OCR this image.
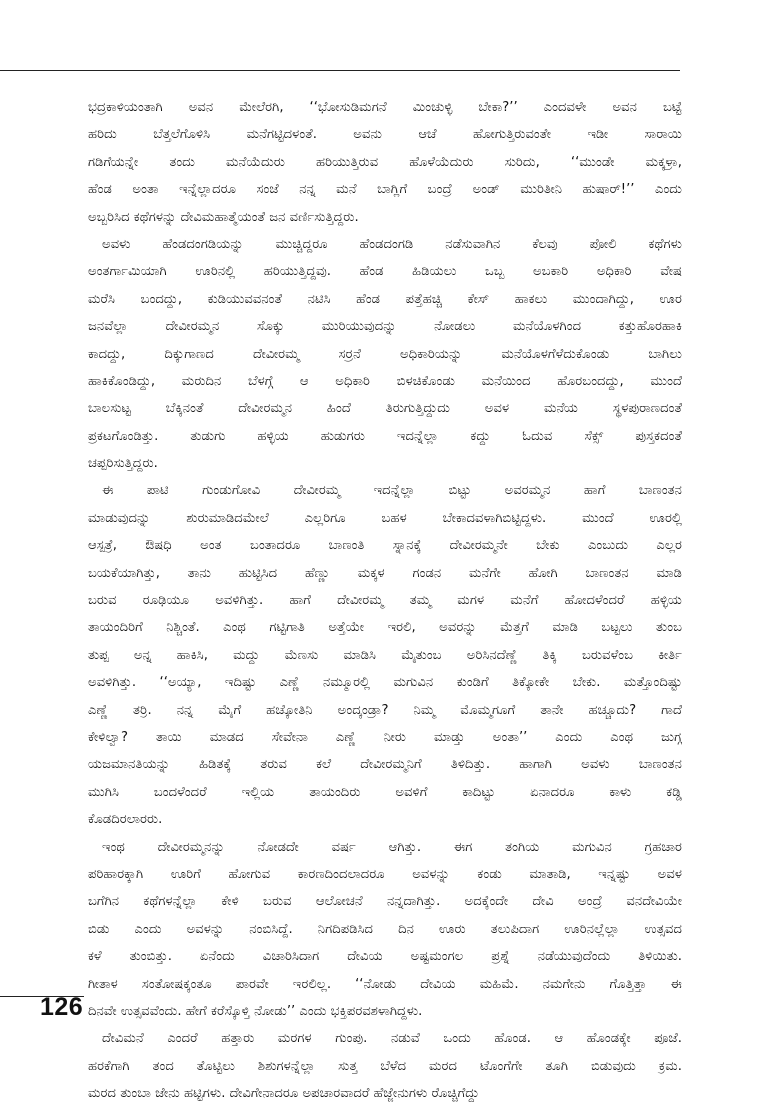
ಭದ್ರಕಾಳಿಯಂತಾಗಿ ಅವನ ಮೇಲೆರಗಿ, ‘‘ಭೋಸುಡಿಮಗನೆ ಮಿಂಚುಳ್ಳಿ ಬೇಕಾ?’’ ಎಂದವಳೇ ಅವನ ಬಟ್ಟೆ
ಹರಿದು ಬೆತ್ತಲೆಗೊಳಿಸಿ ಮನೆಗಟ್ಟಿದಳಂತೆ. ಅವನು ಆಚೆ ಹೋಗುತ್ತಿರುವಂತೇ ಇಡೀ ಸಾರಾಯಿ
ಗಡಿಗೆಯನ್ನೇ ತಂದು ಮನೆಯೆದುರು ಹರಿಯುತ್ತಿರುವ ಹೊಳೆಯೆದುರು ಸುರಿದು, ‘‘ಮುಂಡೇ ಮಕ್ಕಳ್ರಾ,
ಹೆಂಡ ಅಂತಾ ಇನ್ನೆಲ್ಲಾದರೂ ಸಂಜೆ ನನ್ನ ಮನೆ ಬಾಗ್ಲಿಗೆ ಬಂದ್ರೆ ಅಂಡ್ ಮುರಿತೀನಿ ಹುಷಾರ್!’’ ಎಂದು
ಅಬ್ಬರಿಸಿದ ಕಥೆಗಳನ್ನು ದೇವಿಮಹಾತ್ಮೆಯಂತೆ ಜನ ವರ್ಣಿಸುತ್ತಿದ್ದರು.
ಅವಳು ಹೆಂಡದಂಗಡಿಯನ್ನು ಮುಚ್ಚಿದ್ದರೂ ಹೆಂಡದಂಗಡಿ ನಡೆಸುವಾಗಿನ ಕೆಲವು ಪೋಲಿ ಕಥೆಗಳು
ಅಂತರ್ಗಾಮಿಯಾಗಿ ಊರಿನಲ್ಲಿ ಹರಿಯುತ್ತಿದ್ದವು. ಹೆಂಡ ಹಿಡಿಯಲು ಒಬ್ಬ ಅಬಕಾರಿ ಅಧಿಕಾರಿ ವೇಷ
ಮರೆಸಿ ಬಂದದ್ದು, ಕುಡಿಯುವವನಂತೆ ನಟಿಸಿ ಹೆಂಡ ಪತ್ತೆಹಚ್ಚಿ ಕೇಸ್ ಹಾಕಲು ಮುಂದಾಗಿದ್ದು, ಊರ
ಜನವೆಲ್ಲಾ ದೇವೀರಮ್ಮನ ಸೊಕ್ಕು ಮುರಿಯುವುದನ್ನು ನೋಡಲು ಮನೆಯೊಳಗಿಂದ ಕತ್ತುಹೊರಹಾಕಿ
ಕಾದದ್ದು, ದಿಕ್ಕುಗಾಣದ ದೇವೀರಮ್ಮ ಸರ್ರನೆ ಅಧಿಕಾರಿಯನ್ನು ಮನೆಯೊಳಗೆಳೆದುಕೊಂಡು ಬಾಗಿಲು
ಹಾಕಿಕೊಂಡಿದ್ದು, ಮರುದಿನ ಬೆಳಗ್ಗೆ ಆ ಅಧಿಕಾರಿ ಬಿಳಚಿಕೊಂಡು ಮನೆಯಿಂದ ಹೊರಬಂದದ್ದು, ಮುಂದೆ
ಬಾಲಸುಟ್ಟ ಬೆಕ್ಕಿನಂತೆ ದೇವೀರಮ್ಮನ ಹಿಂದೆ ತಿರುಗುತ್ತಿದ್ದುದು ಅವಳ ಮನೆಯ ಸ್ಥಳಪುರಾಣದಂತೆ
ಪ್ರಕಟಗೊಂಡಿತ್ತು. ತುಡುಗು ಹಳ್ಳಿಯ ಹುಡುಗರು ಇದನ್ನೆಲ್ಲಾ ಕದ್ದು ಓದುವ ಸೆಕ್ಸ್ ಪುಸ್ತಕದಂತೆ
ಚಪ್ಪರಿಸುತ್ತಿದ್ದರು.
ಈ ಪಾಟಿ ಗುಂಡುಗೋವಿ ದೇವೀರಮ್ಮ ಇದನ್ನೆಲ್ಲಾ ಬಿಟ್ಟು ಅವರಮ್ಮನ ಹಾಗೆ ಬಾಣಂತನ
ಮಾಡುವುದನ್ನು ಶುರುಮಾಡಿದಮೇಲೆ ಎಲ್ಲರಿಗೂ ಬಹಳ ಬೇಕಾದವಳಾಗಿಬಿಟ್ಟಿದ್ದಳು. ಮುಂದೆ ಊರಲ್ಲಿ
ಆಸ್ಪತ್ರೆ, ಔಷಧಿ ಅಂತ ಬಂತಾದರೂ ಬಾಣಂತಿ ಸ್ನಾನಕ್ಕೆ ದೇವೀರಮ್ಮನೇ ಬೇಕು ಎಂಬುದು ಎಲ್ಲರ
ಬಯಕೆಯಾಗಿತ್ತು, ತಾನು ಹುಟ್ಟಿಸಿದ ಹೆಣ್ಣು ಮಕ್ಕಳ ಗಂಡನ ಮನೆಗೇ ಹೋಗಿ ಬಾಣಂತನ ಮಾಡಿ
ಬರುವ ರೂಢಿಯೂ ಅವಳಿಗಿತ್ತು. ಹಾಗೆ ದೇವೀರಮ್ಮ ತಮ್ಮ ಮಗಳ ಮನೆಗೆ ಹೋದಳೆಂದರೆ ಹಳ್ಳಿಯ
ತಾಯಂದಿರಿಗೆ ನಿಶ್ಚಿಂತೆ. ಎಂಥ ಗಟ್ಟಿಗಾತಿ ಅತ್ತೆಯೇ ಇರಲಿ, ಅವರನ್ನು ಮೆತ್ತಗೆ ಮಾಡಿ ಬಟ್ಟಲು ತುಂಬ
ತುಪ್ಪ ಅನ್ನ ಹಾಕಿಸಿ, ಮದ್ದು ಮೆಣಸು ಮಾಡಿಸಿ ಮೈತುಂಬ ಅರಿಸಿನದೆಣ್ಣೆ ತಿಕ್ಕಿ ಬರುವಳೆಂಬ ಕೀರ್ತಿ
ಅವಳಿಗಿತ್ತು. ‘‘ಅಯ್ಯಾ, ಇದಿಷ್ಟು ಎಣ್ಣೆ ನಮ್ಮೂರಲ್ಲಿ ಮಗುವಿನ ಕುಂಡಿಗೆ ತಿಕ್ಕೋಕೇ ಬೇಕು. ಮತ್ತೊಂದಿಷ್ಟು
ಎಣ್ಣೆ ತರ್ರಿ. ನನ್ನ ಮೈಗೆ ಹಚ್ಕೋತಿನಿ ಅಂದ್ಕಂಡ್ರಾ? ನಿಮ್ಮ ಮೊಮ್ಮಗೂಗೆ ತಾನೇ ಹಚ್ಚೂದು? ಗಾದೆ
ಕೇಳಿಲ್ವಾ? ತಾಯಿ ಮಾಡದ ಸೇವೇನಾ ಎಣ್ಣೆ ನೀರು ಮಾಡ್ತು ಅಂತಾ’’ ಎಂದು ಎಂಥ ಜುಗ್ಗ
ಯಜಮಾನತಿಯನ್ನು ಹಿಡಿತಕ್ಕೆ ತರುವ ಕಲೆ ದೇವೀರಮ್ಮನಿಗೆ ತಿಳಿದಿತ್ತು. ಹಾಗಾಗಿ ಅವಳು ಬಾಣಂತನ
ಮುಗಿಸಿ ಬಂದಳೆಂದರೆ ಇಲ್ಲಿಯ ತಾಯಂದಿರು ಅವಳಿಗೆ ಕಾದಿಟ್ಟು ಏನಾದರೂ ಕಾಳು ಕಡ್ಡಿ
ಕೊಡದಿರಲಾರರು.
ಇಂಥ ದೇವೀರಮ್ಮನನ್ನು ನೋಡದೇ ವರ್ಷ ಆಗಿತ್ತು. ಈಗ ತಂಗಿಯ ಮಗುವಿನ ಗ್ರಹಚಾರ
ಪರಿಹಾರಕ್ಕಾಗಿ ಊರಿಗೆ ಹೋಗುವ ಕಾರಣದಿಂದಲಾದರೂ ಅವಳನ್ನು ಕಂಡು ಮಾತಾಡಿ, ಇನ್ನಷ್ಟು ಅವಳ
ಬಗೆಗಿನ ಕಥೆಗಳನ್ನೆಲ್ಲಾ ಕೇಳಿ ಬರುವ ಆಲೋಚನೆ ನನ್ನದಾಗಿತ್ತು. ಅದಕ್ಕೆಂದೇ ದೇವಿ ಅಂದ್ರೆ ವನದೇವಿಯೇ
ಬಿಡು ಎಂದು ಅವಳನ್ನು ನಂಬಿಸಿದ್ದೆ. ನಿಗದಿಪಡಿಸಿದ ದಿನ ಊರು ತಲುಪಿದಾಗ ಊರಿನಲ್ಲೆಲ್ಲಾ ಉತ್ಸವದ
ಕಳೆ ತುಂಬಿತ್ತು. ಏನೆಂದು ವಿಚಾರಿಸಿದಾಗ ದೇವಿಯ ಅಷ್ಟಮಂಗಲ ಪ್ರಶ್ನೆ ನಡೆಯುವುದೆಂದು ತಿಳಿಯಿತು.
ಗೀತಾಳ ಸಂತೋಷಕ್ಕಂತೂ ಪಾರವೇ ಇರಲಿಲ್ಲ. ‘‘ನೋಡು ದೇವಿಯ ಮಹಿಮೆ. ನಮಗೇನು ಗೊತ್ತಿತ್ತಾ ಈ
ದಿನವೇ ಉತ್ಸವವೆಂದು. ಹೇಗೆ ಕರೆಸ್ಕೊಳ್ತಿ ನೋಡು’’ ಎಂದು ಭಕ್ತಿಪರವಶಳಾಗಿದ್ದಳು.
ದೇವಿಮನೆ ಎಂದರೆ ಹತ್ತಾರು ಮರಗಳ ಗುಂಪು. ನಡುವೆ ಒಂದು ಹೊಂಡ. ಆ ಹೊಂಡಕ್ಕೇ ಪೂಜೆ.
ಹರಕೆಗಾಗಿ ತಂದ ತೊಟ್ಟಿಲು ಶಿಶುಗಳನ್ನೆಲ್ಲಾ ಸುತ್ತ ಬೆಳೆದ ಮರದ ಟೊಂಗೆಗೇ ತೂಗಿ ಬಿಡುವುದು ಕ್ರಮ.
ಮರದ ತುಂಬಾ ಜೇನು ಹಟ್ಟಿಗಳು. ದೇವಿಗೇನಾದರೂ ಅಪಚಾರವಾದರೆ ಹೆಜ್ಜೇನುಗಳು ರೊಚ್ಚಿಗೆದ್ದು
126
